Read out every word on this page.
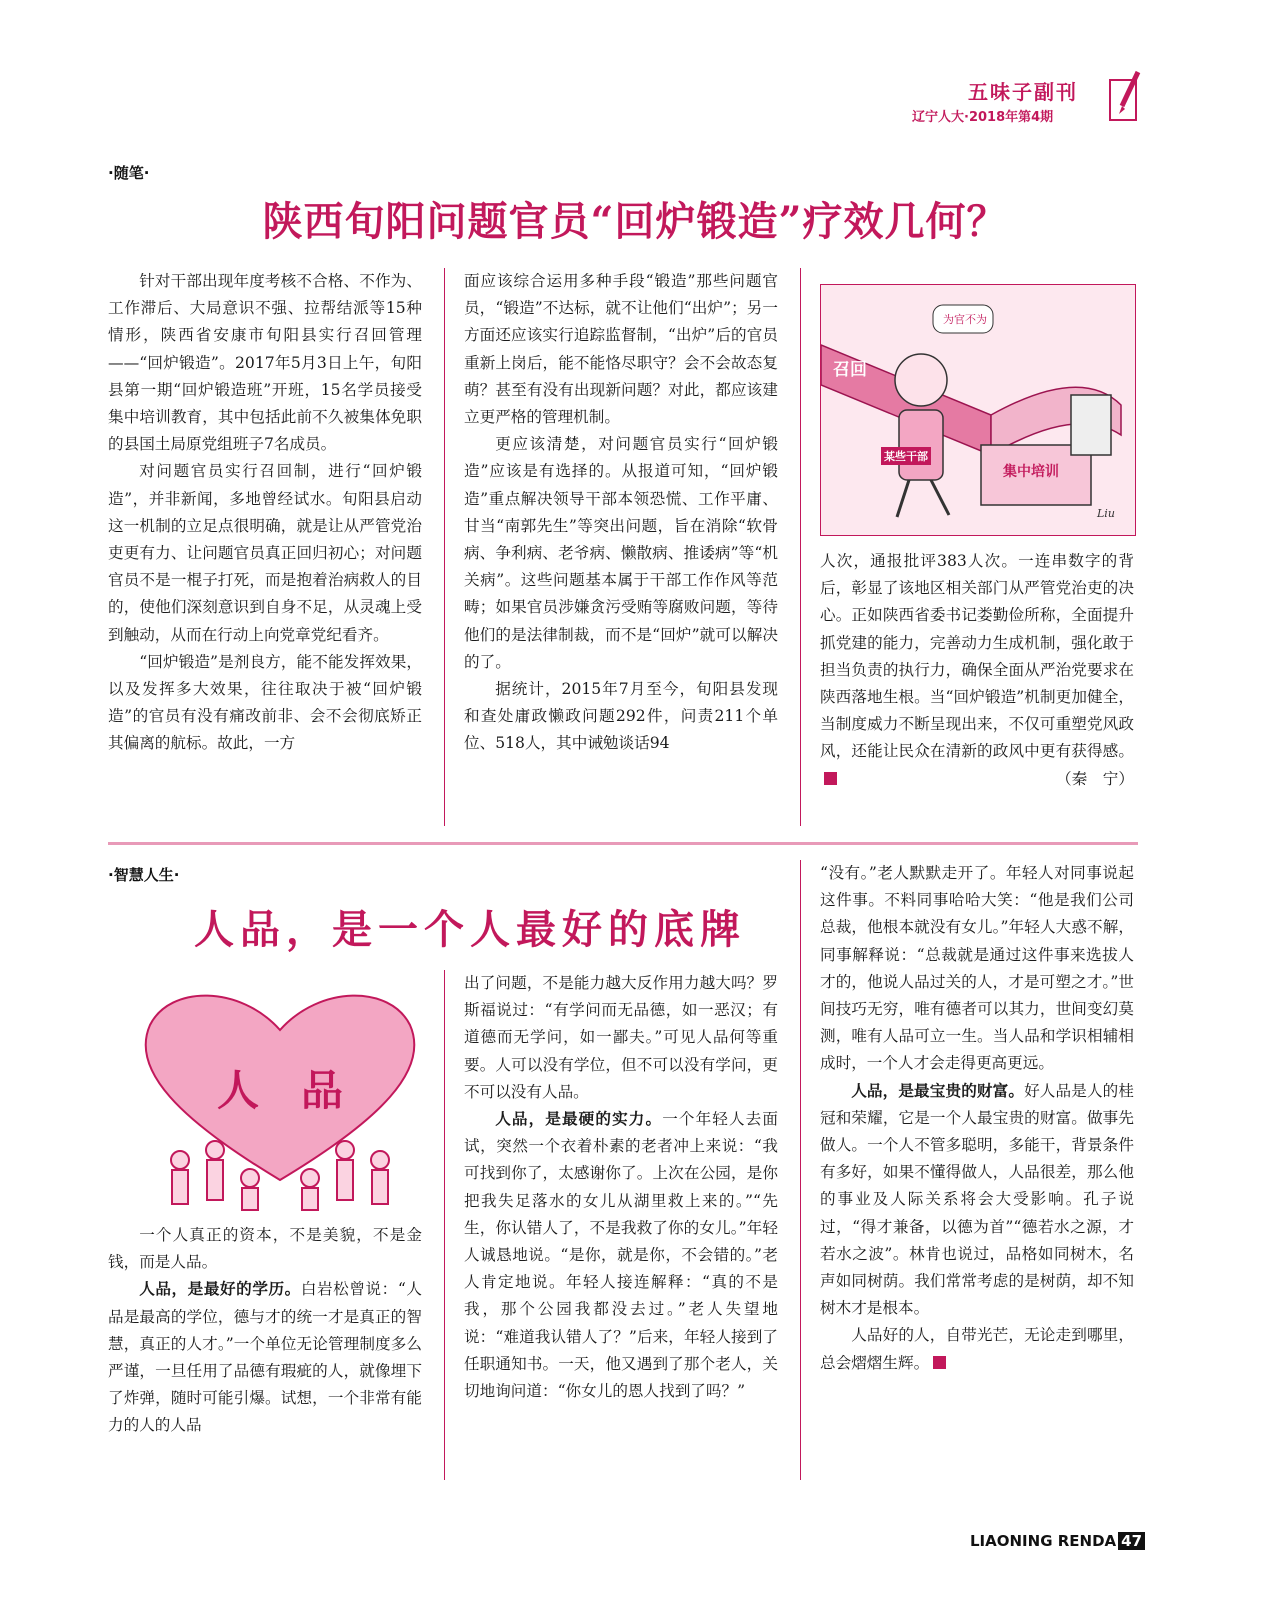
五味子副刊
辽宁人大·2018年第4期
·随笔·
陕西旬阳问题官员“回炉锻造”疗效几何？

针对干部出现年度考核不合格、不作为、工作滞后、大局意识不强、拉帮结派等15种情形，陕西省安康市旬阳县实行召回管理——“回炉锻造”。2017年5月3日上午，旬阳县第一期“回炉锻造班”开班，15名学员接受集中培训教育，其中包括此前不久被集体免职的县国土局原党组班子7名成员。

对问题官员实行召回制，进行“回炉锻造”，并非新闻，多地曾经试水。旬阳县启动这一机制的立足点很明确，就是让从严管党治吏更有力、让问题官员真正回归初心；对问题官员不是一棍子打死，而是抱着治病救人的目的，使他们深刻意识到自身不足，从灵魂上受到触动，从而在行动上向党章党纪看齐。

“回炉锻造”是剂良方，能不能发挥效果，以及发挥多大效果，往往取决于被“回炉锻造”的官员有没有痛改前非、会不会彻底矫正其偏离的航标。故此，一方

面应该综合运用多种手段“锻造”那些问题官员，“锻造”不达标，就不让他们“出炉”；另一方面还应该实行追踪监督制，“出炉”后的官员重新上岗后，能不能恪尽职守？会不会故态复萌？甚至有没有出现新问题？对此，都应该建立更严格的管理机制。

更应该清楚，对问题官员实行“回炉锻造”应该是有选择的。从报道可知，“回炉锻造”重点解决领导干部本领恐慌、工作平庸、甘当“南郭先生”等突出问题，旨在消除“软骨病、争利病、老爷病、懒散病、推诿病”等“机关病”。这些问题基本属于干部工作作风等范畴；如果官员涉嫌贪污受贿等腐败问题，等待他们的是法律制裁，而不是“回炉”就可以解决的了。

据统计，2015年7月至今，旬阳县发现和查处庸政懒政问题292件，问责211个单位、518人，其中诫勉谈话94

为官不为
召回
某些干部
集中培训
Liu

人次，通报批评383人次。一连串数字的背后，彰显了该地区相关部门从严管党治吏的决心。正如陕西省委书记娄勤俭所称，全面提升抓党建的能力，完善动力生成机制，强化敢于担当负责的执行力，确保全面从严治党要求在陕西落地生根。当“回炉锻造”机制更加健全，当制度威力不断呈现出来，不仅可重塑党风政风，还能让民众在清新的政风中更有获得感。
（秦　宁）

·智慧人生·
人品，是一个人最好的底牌
人　品

一个人真正的资本，不是美貌，不是金钱，而是人品。

人品，是最好的学历。白岩松曾说：“人品是最高的学位，德与才的统一才是真正的智慧，真正的人才。”一个单位无论管理制度多么严谨，一旦任用了品德有瑕疵的人，就像埋下了炸弹，随时可能引爆。试想，一个非常有能力的人的人品

出了问题，不是能力越大反作用力越大吗？罗斯福说过：“有学问而无品德，如一恶汉；有道德而无学问，如一鄙夫。”可见人品何等重要。人可以没有学位，但不可以没有学问，更不可以没有人品。

人品，是最硬的实力。一个年轻人去面试，突然一个衣着朴素的老者冲上来说：“我可找到你了，太感谢你了。上次在公园，是你把我失足落水的女儿从湖里救上来的。”“先生，你认错人了，不是我救了你的女儿。”年轻人诚恳地说。“是你，就是你，不会错的。”老人肯定地说。年轻人接连解释：“真的不是我，那个公园我都没去过。”老人失望地说：“难道我认错人了？”后来，年轻人接到了任职通知书。一天，他又遇到了那个老人，关切地询问道：“你女儿的恩人找到了吗？”

“没有。”老人默默走开了。年轻人对同事说起这件事。不料同事哈哈大笑：“他是我们公司总裁，他根本就没有女儿。”年轻人大惑不解，同事解释说：“总裁就是通过这件事来选拔人才的，他说人品过关的人，才是可塑之才。”世间技巧无穷，唯有德者可以其力，世间变幻莫测，唯有人品可立一生。当人品和学识相辅相成时，一个人才会走得更高更远。

人品，是最宝贵的财富。好人品是人的桂冠和荣耀，它是一个人最宝贵的财富。做事先做人。一个人不管多聪明，多能干，背景条件有多好，如果不懂得做人，人品很差，那么他的事业及人际关系将会大受影响。孔子说过，“得才兼备，以德为首”“德若水之源，才若水之波”。林肯也说过，品格如同树木，名声如同树荫。我们常常考虑的是树荫，却不知树木才是根本。

人品好的人，自带光芒，无论走到哪里，总会熠熠生辉。

LIAONING RENDA 47
